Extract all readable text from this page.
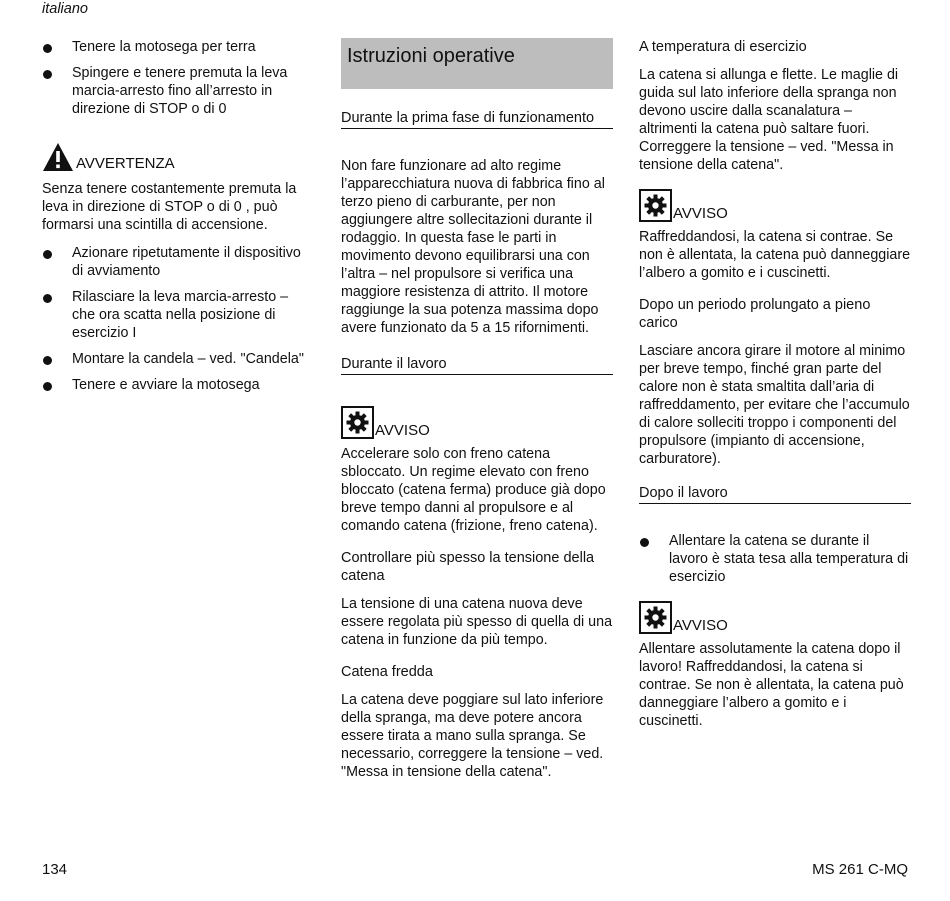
italiano
Tenere la motosega per terra
Spingere e tenere premuta la leva marcia-arresto fino all’arresto in direzione di STOP o di 0
AVVERTENZA

Senza tenere costantemente premuta la leva in direzione di STOP o di 0 , può formarsi una scintilla di accensione.

Azionare ripetutamente il dispositivo di avviamento
Rilasciare la leva marcia-arresto – che ora scatta nella posizione di esercizio I
Montare la candela – ved. "Candela"
Tenere e avviare la motosega
Istruzioni operative
Durante la prima fase di funzionamento

Non fare funzionare ad alto regime l’apparecchiatura nuova di fabbrica fino al terzo pieno di carburante, per non aggiungere altre sollecitazioni durante il rodaggio. In questa fase le parti in movimento devono equilibrarsi una con l’altra – nel propulsore si verifica una maggiore resistenza di attrito. Il motore raggiunge la sua potenza massima dopo avere funzionato da 5 a 15 rifornimenti.

Durante il lavoro
AVVISO

Accelerare solo con freno catena sbloccato. Un regime elevato con freno bloccato (catena ferma) produce già dopo breve tempo danni al propulsore e al comando catena (frizione, freno catena).

Controllare più spesso la tensione della catena

La tensione di una catena nuova deve essere regolata più spesso di quella di una catena in funzione da più tempo.

Catena fredda

La catena deve poggiare sul lato inferiore della spranga, ma deve potere ancora essere tirata a mano sulla spranga. Se necessario, correggere la tensione – ved. "Messa in tensione della catena".

A temperatura di esercizio

La catena si allunga e flette. Le maglie di guida sul lato inferiore della spranga non devono uscire dalla scanalatura – altrimenti la catena può saltare fuori. Correggere la tensione – ved. "Messa in tensione della catena".

AVVISO

Raffreddandosi, la catena si contrae. Se non è allentata, la catena può danneggiare l’albero a gomito e i cuscinetti.

Dopo un periodo prolungato a pieno carico

Lasciare ancora girare il motore al minimo per breve tempo, finché gran parte del calore non è stata smaltita dall’aria di raffreddamento, per evitare che l’accumulo di calore solleciti troppo i componenti del propulsore (impianto di accensione, carburatore).

Dopo il lavoro
Allentare la catena se durante il lavoro è stata tesa alla temperatura di esercizio
AVVISO

Allentare assolutamente la catena dopo il lavoro! Raffreddandosi, la catena si contrae. Se non è allentata, la catena può danneggiare l’albero a gomito e i cuscinetti.

134	MS 261 C-MQ
